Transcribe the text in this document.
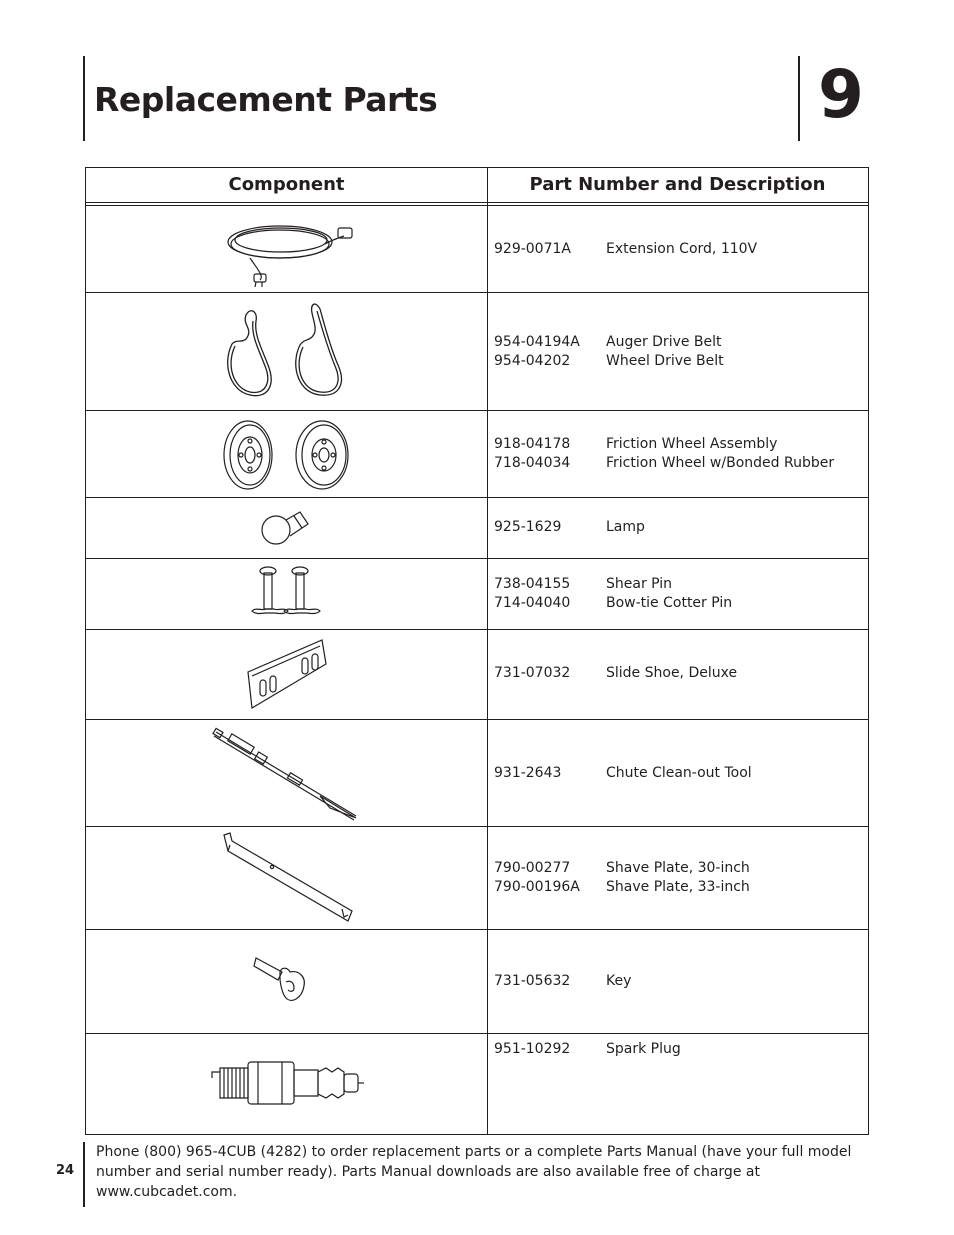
Replacement Parts	9
Component	Part Number and Description
929-0071A	Extension Cord, 110V
954-04194A Auger Drive Belt
954-04202	Wheel Drive Belt
918-04178	Friction Wheel Assembly
718-04034	Friction Wheel w/Bonded Rubber
925-1629	Lamp
738-04155	Shear Pin
714-04040	Bow-tie Cotter Pin
731-07032	Slide Shoe, Deluxe
931-2643	Chute Clean-out Tool
790-00277	Shave Plate, 30-inch
790-00196A Shave Plate, 33-inch
731-05632	Key
951-10292	Spark Plug
24
Phone (800) 965-4CUB (4282) to order replacement parts or a complete Parts Manual (have your full model number and serial number ready). Parts Manual downloads are also available free of charge at www.cubcadet.com.
